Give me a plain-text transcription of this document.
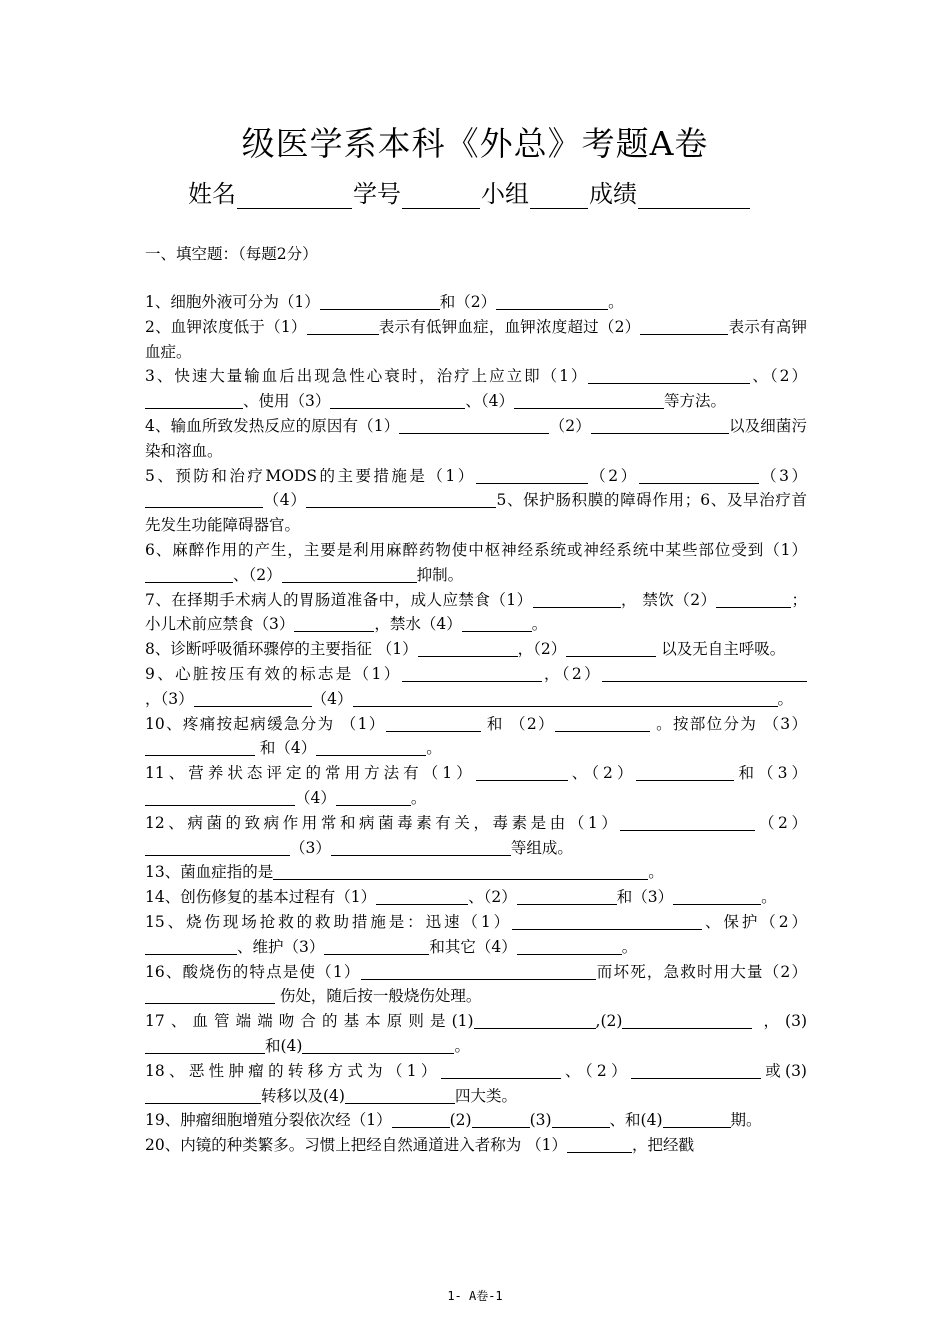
级医学系本科《外总》考题A卷
姓名	学号	小组	成绩
一、填空题：（每题2分）

1、细胞外液可分为（1）	和（2）	。

2、血钾浓度低于（1）	表示有低钾血症，血钾浓度超过（2）	表示有高钾血症。

3、快速大量输血后出现急性心衰时，治疗上应立即（1）	、（2）、使用（3）	、（4）	等方法。

4、输血所致发热反应的原因有（1）	（2）	以及细菌污染和溶血。

5、预防和治疗MODS的主要措施是（1）	（2）	（3）（4）	5、保护肠积膜的障碍作用；6、及早治疗首先发生功能障碍器官。

6、麻醉作用的产生，主要是利用麻醉药物使中枢神经系统或神经系统中某些部位受到（1）、（2）	抑制。

7、在择期手术病人的胃肠道准备中，成人应禁食（1）	， 禁饮（2）	；小儿术前应禁食（3）	，禁水（4）	。

8、诊断呼吸循环骤停的主要指征 （1）	，（2）	以及无自主呼吸。

9、心脏按压有效的标志是（1）	，（2），（3）	（4）	。

10、疼痛按起病缓急分为 （1）	和 （2）	。按部位分为 （3） 和（4）	。

11、营养状态评定的常用方法有（1）	、（2）	和（3）（4）	。

12、病菌的致病作用常和病菌毒素有关，毒素是由（1）	（2）（3）	等组成。

13、菌血症指的是	。

14、创伤修复的基本过程有（1）	、（2）	和（3）	。

15、烧伤现场抢救的救助措施是：迅速（1）	、保护（2）、维护（3）	和其它（4）	。

16、酸烧伤的特点是使（1）	而坏死，急救时用大量（2） 伤处，随后按一般烧伤处理。

17、血管端端吻合的基本原则是(1)	,(2)	，(3)和(4)	。

18、恶性肿瘤的转移方式为（1）	、（2）	或(3)转移以及(4)	四大类。

19、肿瘤细胞增殖分裂依次经（1）	(2)	(3)	、和(4)	期。

20、内镜的种类繁多。习惯上把经自然通道进入者称为 （1）	，把经戳

1- A卷-1
